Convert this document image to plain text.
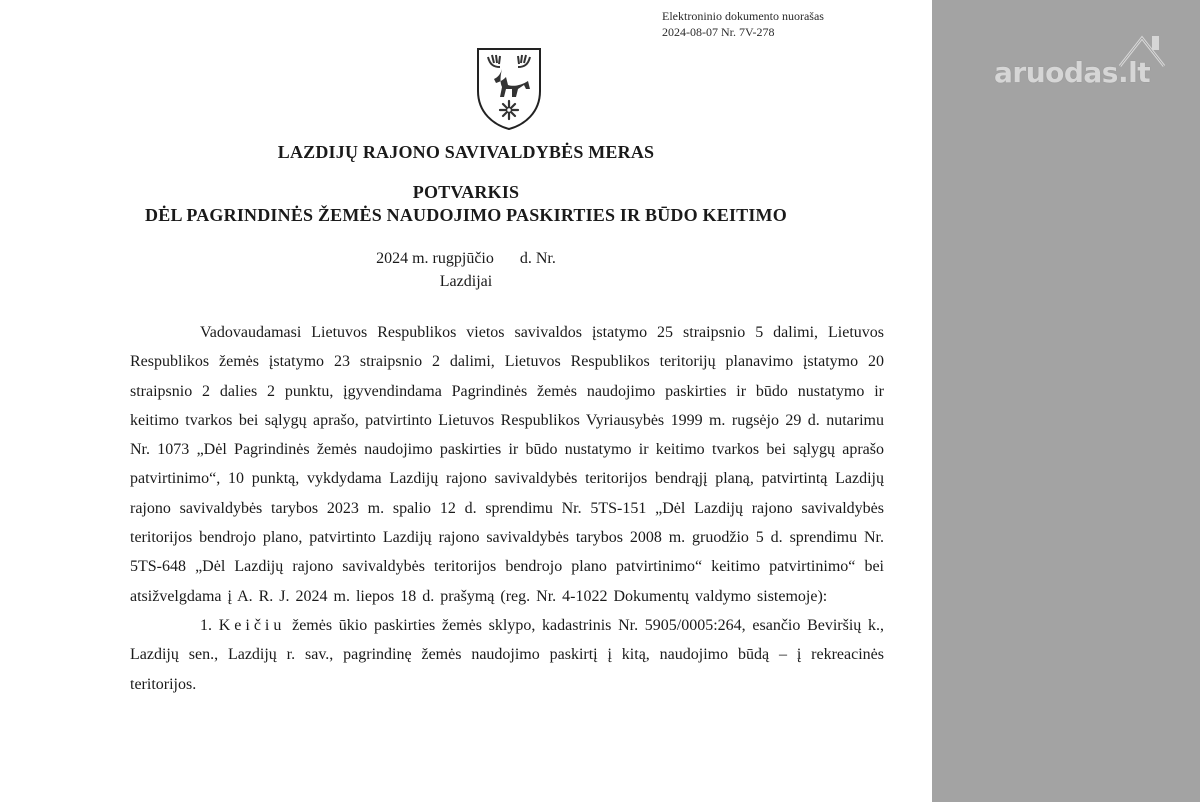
Elektroninio dokumento nuorašas
2024-08-07 Nr. 7V-278
LAZDIJŲ RAJONO SAVIVALDYBĖS MERAS
POTVARKIS
DĖL PAGRINDINĖS ŽEMĖS NAUDOJIMO PASKIRTIES IR BŪDO KEITIMO
2024 m. rugpjūčio d. Nr.
Lazdijai

Vadovaudamasi Lietuvos Respublikos vietos savivaldos įstatymo 25 straipsnio 5 dalimi, Lietuvos Respublikos žemės įstatymo 23 straipsnio 2 dalimi, Lietuvos Respublikos teritorijų planavimo įstatymo 20 straipsnio 2 dalies 2 punktu, įgyvendindama Pagrindinės žemės naudojimo paskirties ir būdo nustatymo ir keitimo tvarkos bei sąlygų aprašo, patvirtinto Lietuvos Respublikos Vyriausybės 1999 m. rugsėjo 29 d. nutarimu Nr. 1073 „Dėl Pagrindinės žemės naudojimo paskirties ir būdo nustatymo ir keitimo tvarkos bei sąlygų aprašo patvirtinimo“, 10 punktą, vykdydama Lazdijų rajono savivaldybės teritorijos bendrąjį planą, patvirtintą Lazdijų rajono savivaldybės tarybos 2023 m. spalio 12 d. sprendimu Nr. 5TS-151 „Dėl Lazdijų rajono savivaldybės teritorijos bendrojo plano, patvirtinto Lazdijų rajono savivaldybės tarybos 2008 m. gruodžio 5 d. sprendimu Nr. 5TS-648 „Dėl Lazdijų rajono savivaldybės teritorijos bendrojo plano patvirtinimo“ keitimo patvirtinimo“ bei atsižvelgdama į A. R. J. 2024 m. liepos 18 d. prašymą (reg. Nr. 4-1022 Dokumentų valdymo sistemoje):

1. Keičiu žemės ūkio paskirties žemės sklypo, kadastrinis Nr. 5905/0005:264, esančio Beviršių k., Lazdijų sen., Lazdijų r. sav., pagrindinę žemės naudojimo paskirtį į kitą, naudojimo būdą – į rekreacinės teritorijos.

aruodas.lt
